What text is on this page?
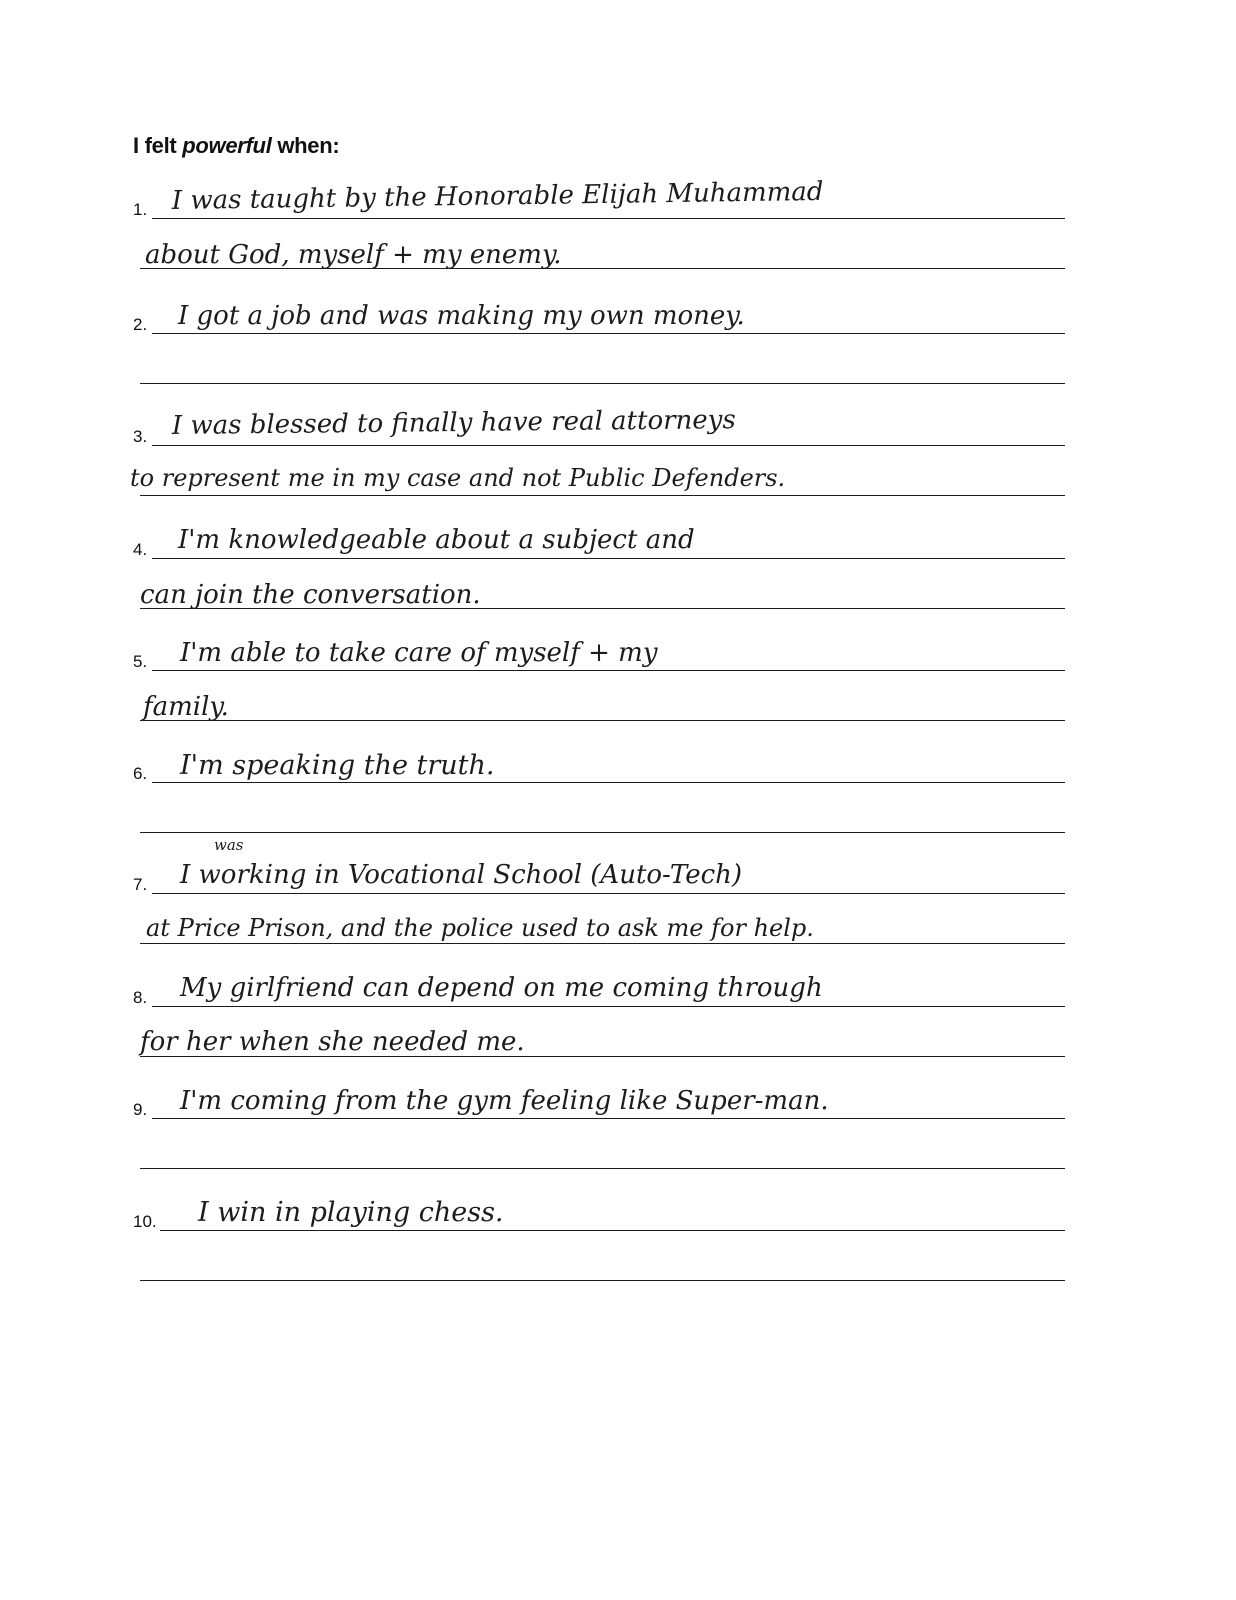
I felt powerful when:
1. I was taught by the Honorable Elijah Muhammad
about God, myself + my enemy.
2. I got a job and was making my own money.
3. I was blessed to finally have real attorneys
to represent me in my case and not Public Defenders.
4. I'm knowledgeable about a subject and
can join the conversation.
5. I'm able to take care of myself + my
family.
6. I'm speaking the truth.
7.
was
I working in Vocational School (Auto-Tech)
at Price Prison, and the police used to ask me for help.
8. My girlfriend can depend on me coming through
for her when she needed me.
9. I'm coming from the gym feeling like Super-man.
10. I win in playing chess.
